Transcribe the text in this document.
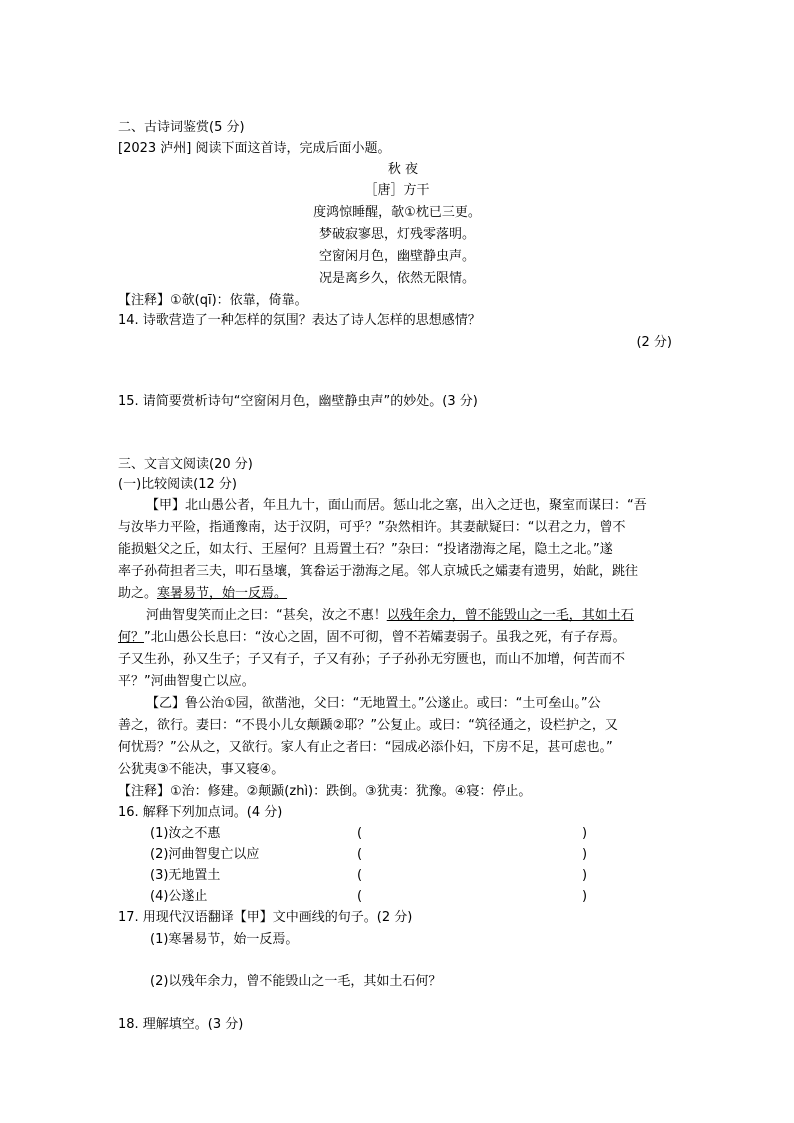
二、古诗词鉴赏(5 分)
[2023 泸州] 阅读下面这首诗，完成后面小题。
秋 夜
［唐］方干
度鸿惊睡醒，欹①枕已三更。
梦破寂寥思，灯残零落明。
空窗闲月色，幽壁静虫声。
况是离乡久，依然无限情。
【注释】①欹(qī)：依靠，倚靠。
14. 诗歌营造了一种怎样的氛围？表达了诗人怎样的思想感情？
(2 分)
15. 请简要赏析诗句“空窗闲月色，幽壁静虫声”的妙处。(3 分)
三、文言文阅读(20 分)
(一)比较阅读(12 分)
【甲】北山愚公者，年且九十，面山而居。惩山北之塞，出入之迂也，聚室而谋曰：“吾
与汝毕力平险，指通豫南，达于汉阴，可乎？”杂然相许。其妻献疑曰：“以君之力，曾不
能损魁父之丘，如太行、王屋何？且焉置土石？”杂曰：“投诸渤海之尾，隐土之北。”遂
率子孙荷担者三夫，叩石垦壤，箕畚运于渤海之尾。邻人京城氏之孀妻有遗男，始龀，跳往
助之。寒暑易节，始一反焉。
河曲智叟笑而止之曰：“甚矣，汝之不惠！以残年余力，曾不能毁山之一毛，其如土石
何？”北山愚公长息曰：“汝心之固，固不可彻，曾不若孀妻弱子。虽我之死，有子存焉。
子又生孙，孙又生子；子又有子，子又有孙；子子孙孙无穷匮也，而山不加增，何苦而不
平？”河曲智叟亡以应。
【乙】鲁公治①园，欲凿池，父曰：“无地置土。”公遂止。或曰：“土可垒山。”公
善之，欲行。妻曰：“不畏小儿女颠踬②耶？”公复止。或曰：“筑径通之，设栏护之，又
何忧焉？”公从之，又欲行。家人有止之者曰：“园成必添仆妇，下房不足，甚可虑也。”
公犹夷③不能决，事又寝④。
【注释】①治：修建。②颠踬(zhì)：跌倒。③犹夷：犹豫。④寝：停止。
16. 解释下列加点词。(4 分)
(1)汝之不惠	(	)
(2)河曲智叟亡以应	(	)
(3)无地置土	(	)
(4)公遂止	(	)
17. 用现代汉语翻译【甲】文中画线的句子。(2 分)
(1)寒暑易节，始一反焉。
(2)以残年余力，曾不能毁山之一毛，其如土石何？
18. 理解填空。(3 分)
